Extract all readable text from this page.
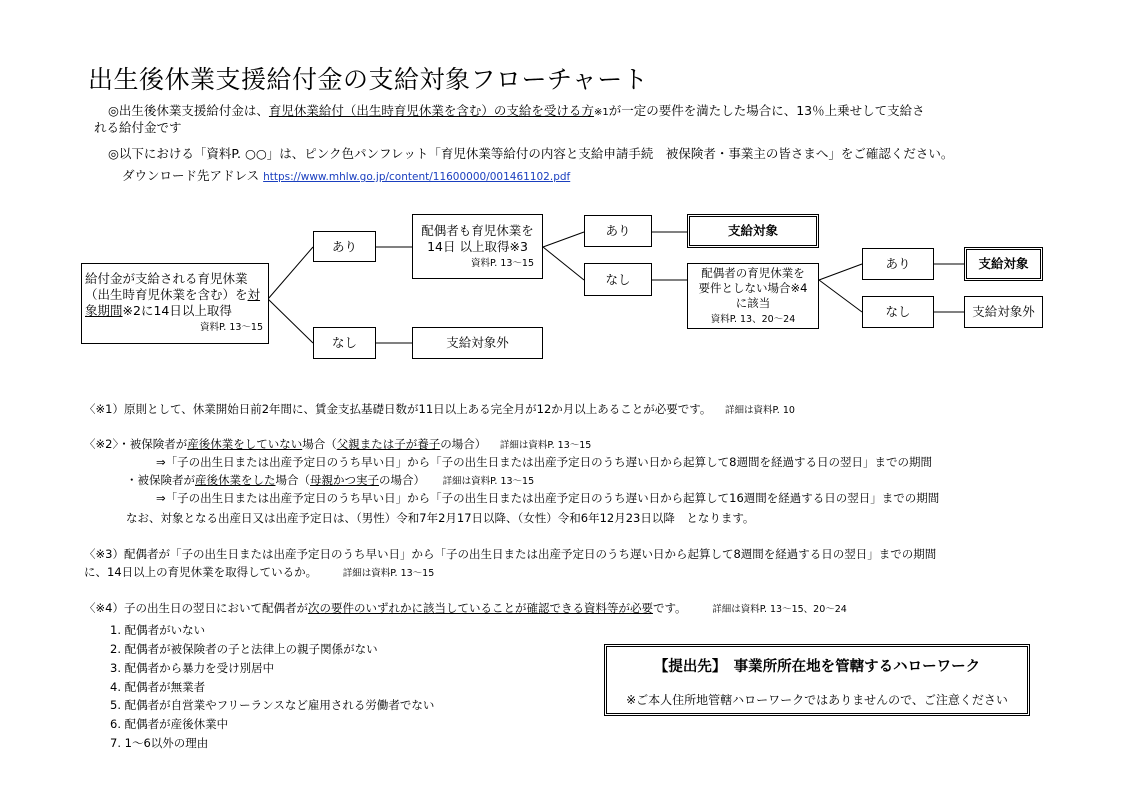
出生後休業支援給付金の支給対象フローチャート
◎出生後休業支援給付金は、育児休業給付（出生時育児休業を含む）の支給を受ける方※1が一定の要件を満たした場合に、13％上乗せして支給さ
れる給付金です
◎以下における「資料P. ○○」は、ピンク色パンフレット「育児休業等給付の内容と支給申請手続　被保険者・事業主の皆さまへ」をご確認ください。
ダウンロード先アドレス https://www.mhlw.go.jp/content/11600000/001461102.pdf
給付金が支給される育児休業
（出生時育児休業を含む）を対
象期間※2に14日以上取得
資料P. 13～15
あり
なし
配偶者も育児休業を
14日 以上取得※3
資料P. 13～15
支給対象外
あり
なし
支給対象
配偶者の育児休業を
要件としない場合※4
に該当
資料P. 13、20～24
あり
なし
支給対象
支給対象外
〈※1）原則として、休業開始日前2年間に、賃金支払基礎日数が11日以上ある完全月が12か月以上あることが必要です。 詳細は資料P. 10
〈※2〉・被保険者が産後休業をしていない場合（父親または子が養子の場合） 詳細は資料P. 13～15
⇒「子の出生日または出産予定日のうち早い日」から「子の出生日または出産予定日のうち遅い日から起算して8週間を経過する日の翌日」までの期間
・被保険者が産後休業をした場合（母親かつ実子の場合） 詳細は資料P. 13～15
⇒「子の出生日または出産予定日のうち早い日」から「子の出生日または出産予定日のうち遅い日から起算して16週間を経過する日の翌日」までの期間
なお、対象となる出産日又は出産予定日は、（男性）令和7年2月17日以降、（女性）令和6年12月23日以降　となります。
〈※3）配偶者が「子の出生日または出産予定日のうち早い日」から「子の出生日または出産予定日のうち遅い日から起算して8週間を経過する日の翌日」までの期間
に、14日以上の育児休業を取得しているか。	詳細は資料P. 13～15
〈※4）子の出生日の翌日において配偶者が次の要件のいずれかに該当していることが確認できる資料等が必要です。	詳細は資料P. 13～15、20～24
1. 配偶者がいない
2. 配偶者が被保険者の子と法律上の親子関係がない
3. 配偶者から暴力を受け別居中
4. 配偶者が無業者
5. 配偶者が自営業やフリーランスなど雇用される労働者でない
6. 配偶者が産後休業中
7. 1～6以外の理由
【提出先】　事業所所在地を管轄するハローワーク
※ご本人住所地管轄ハローワークではありませんので、ご注意ください
